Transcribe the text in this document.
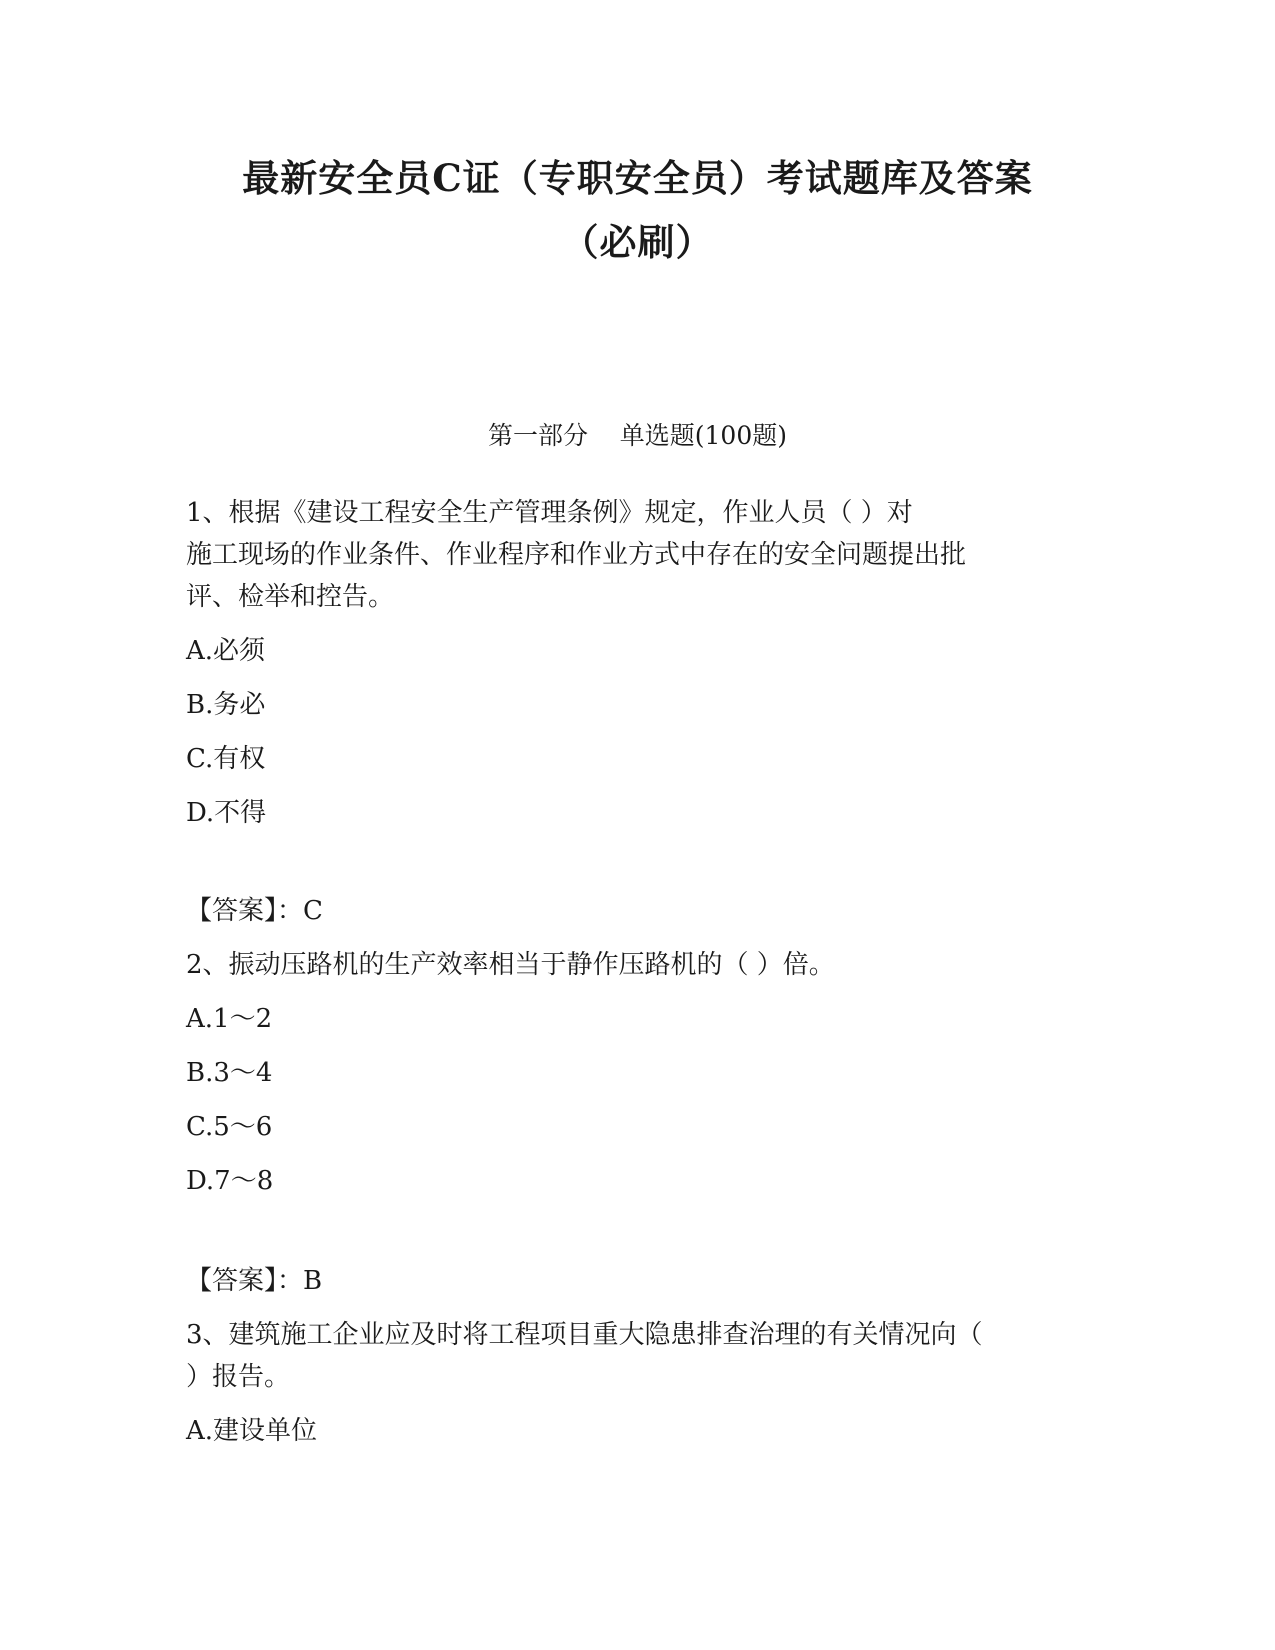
最新安全员C证（专职安全员）考试题库及答案
（必刷）
第一部分    单选题(100题)
1、根据《建设工程安全生产管理条例》规定，作业人员（ ）对
施工现场的作业条件、作业程序和作业方式中存在的安全问题提出批
评、检举和控告。
A.必须
B.务必
C.有权
D.不得
【答案】：C
2、振动压路机的生产效率相当于静作压路机的（ ）倍。
A.1～2
B.3～4
C.5～6
D.7～8
【答案】：B
3、建筑施工企业应及时将工程项目重大隐患排查治理的有关情况向（
）报告。
A.建设单位
